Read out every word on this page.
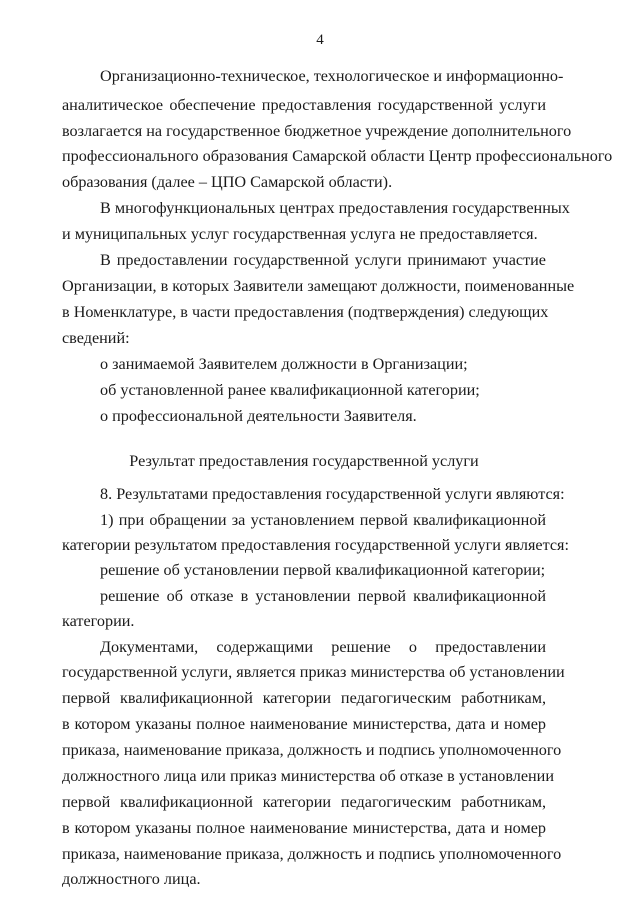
4
Организационно-техническое, технологическое и информационно-
аналитическое обеспечение предоставления государственной услуги
возлагается на государственное бюджетное учреждение дополнительного
профессионального образования Самарской области Центр профессионального
образования (далее – ЦПО Самарской области).
В многофункциональных центрах предоставления государственных
и муниципальных услуг государственная услуга не предоставляется.
В предоставлении государственной услуги принимают участие
Организации, в которых Заявители замещают должности, поименованные
в Номенклатуре, в части предоставления (подтверждения) следующих
сведений:
о занимаемой Заявителем должности в Организации;
об установленной ранее квалификационной категории;
о профессиональной деятельности Заявителя.
Результат предоставления государственной услуги
8. Результатами предоставления государственной услуги являются:
1) при обращении за установлением первой квалификационной
категории результатом предоставления государственной услуги является:
решение об установлении первой квалификационной категории;
решение об отказе в установлении первой квалификационной
категории.
Документами, содержащими решение о предоставлении
государственной услуги, является приказ министерства об установлении
первой квалификационной категории педагогическим работникам,
в котором указаны полное наименование министерства, дата и номер
приказа, наименование приказа, должность и подпись уполномоченного
должностного лица или приказ министерства об отказе в установлении
первой квалификационной категории педагогическим работникам,
в котором указаны полное наименование министерства, дата и номер
приказа, наименование приказа, должность и подпись уполномоченного
должностного лица.
